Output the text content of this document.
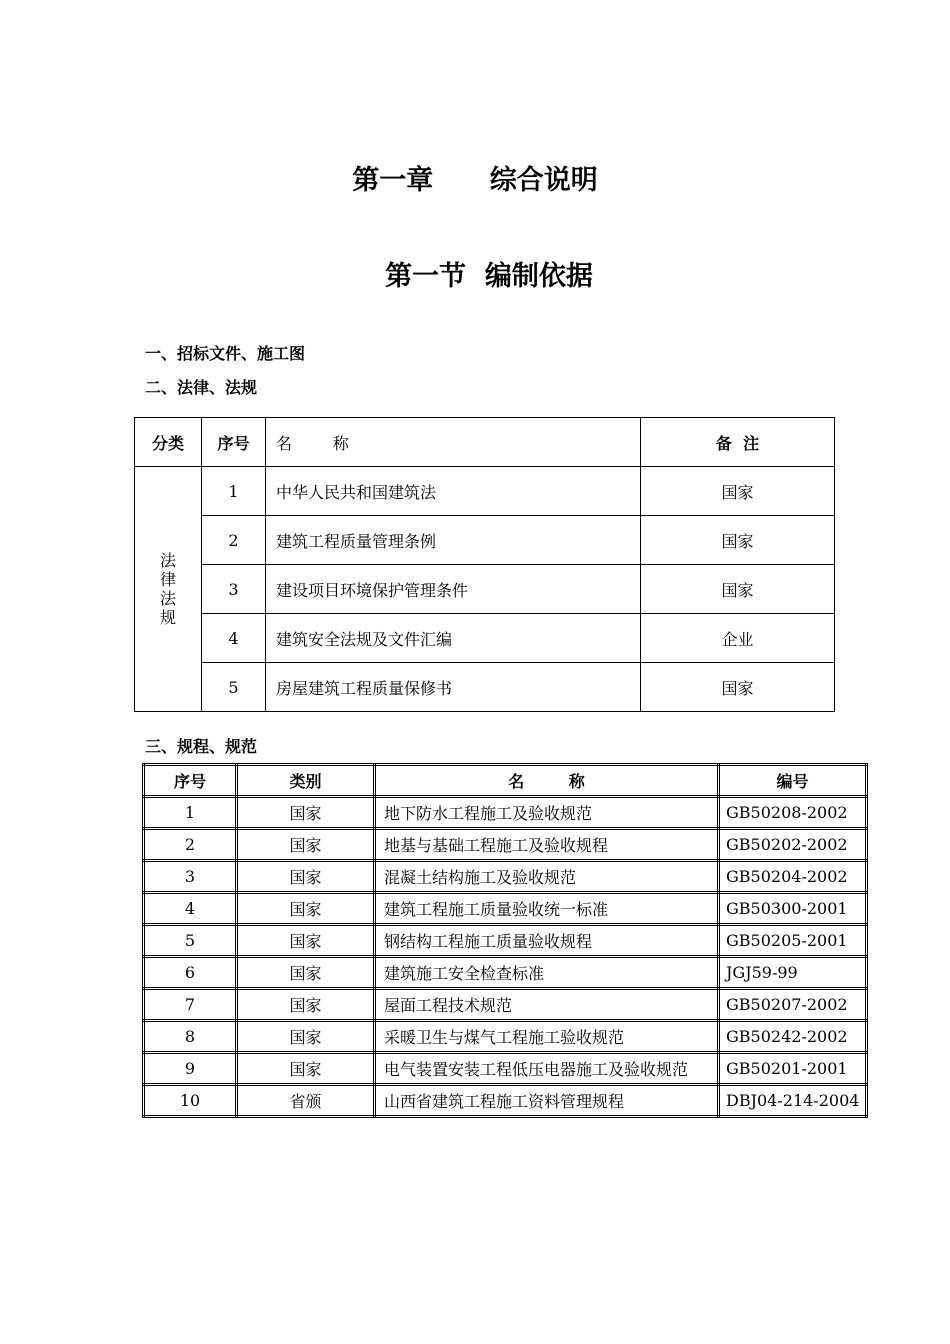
第一章      综合说明
第一节  编制依据
一、招标文件、施工图
二、法律、法规
分类	序号	名        称	备  注
法律法规	1	中华人民共和国建筑法	国家
	2	建筑工程质量管理条例	国家
	3	建设项目环境保护管理条件	国家
	4	建筑安全法规及文件汇编	企业
	5	房屋建筑工程质量保修书	国家
三、规程、规范
序号	类别	名        称	编号
1	国家	地下防水工程施工及验收规范	GB50208-2002
2	国家	地基与基础工程施工及验收规程	GB50202-2002
3	国家	混凝土结构施工及验收规范	GB50204-2002
4	国家	建筑工程施工质量验收统一标准	GB50300-2001
5	国家	钢结构工程施工质量验收规程	GB50205-2001
6	国家	建筑施工安全检查标准	JGJ59-99
7	国家	屋面工程技术规范	GB50207-2002
8	国家	采暖卫生与煤气工程施工验收规范	GB50242-2002
9	国家	电气装置安装工程低压电器施工及验收规范	GB50201-2001
10	省颁	山西省建筑工程施工资料管理规程	DBJ04-214-2004
